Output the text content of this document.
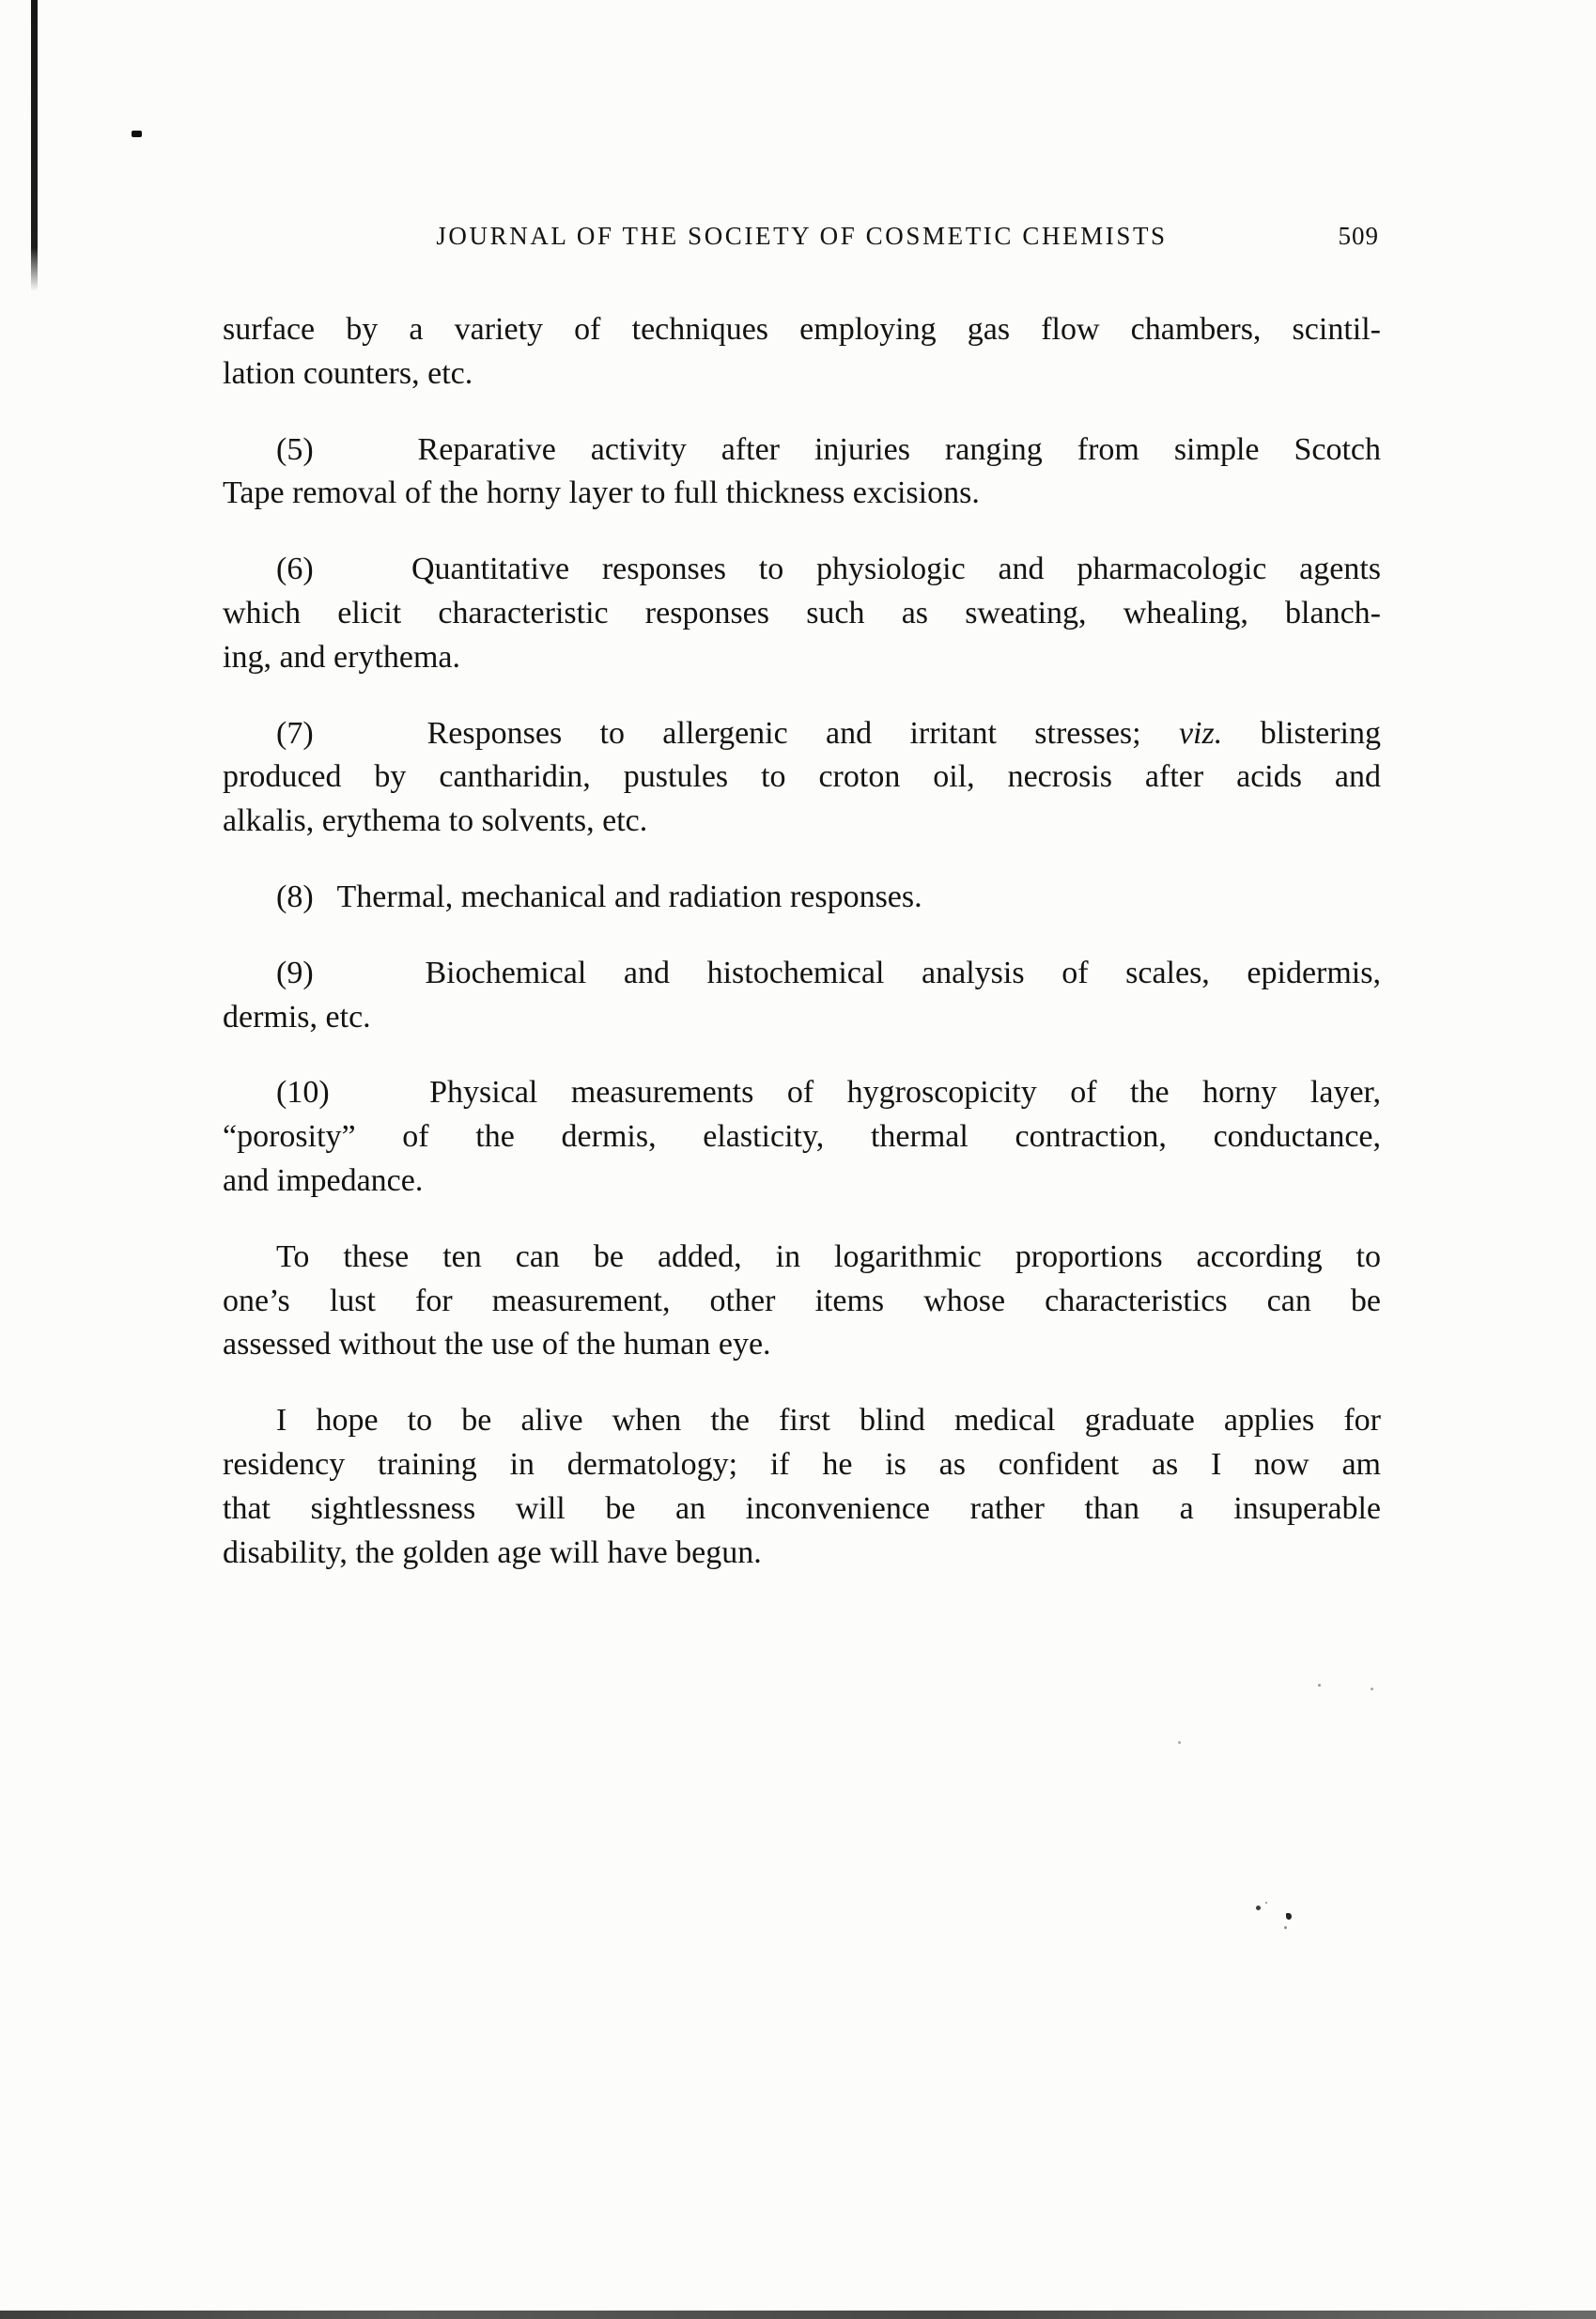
JOURNAL OF THE SOCIETY OF COSMETIC CHEMISTS	509

surface by a variety of techniques employing gas flow chambers, scintil-
lation counters, etc.

(5)   Reparative activity after injuries ranging from simple Scotch
Tape removal of the horny layer to full thickness excisions.

(6)   Quantitative responses to physiologic and pharmacologic agents
which elicit characteristic responses such as sweating, whealing, blanch-
ing, and erythema.

(7)   Responses to allergenic and irritant stresses; viz. blistering
produced by cantharidin, pustules to croton oil, necrosis after acids and
alkalis, erythema to solvents, etc.

(8)   Thermal, mechanical and radiation responses.

(9)   Biochemical and histochemical analysis of scales, epidermis,
dermis, etc.

(10)   Physical measurements of hygroscopicity of the horny layer,
“porosity” of the dermis, elasticity, thermal contraction, conductance,
and impedance.

To these ten can be added, in logarithmic proportions according to
one’s lust for measurement, other items whose characteristics can be
assessed without the use of the human eye.

I hope to be alive when the first blind medical graduate applies for
residency training in dermatology; if he is as confident as I now am
that sightlessness will be an inconvenience rather than a insuperable
disability, the golden age will have begun.
